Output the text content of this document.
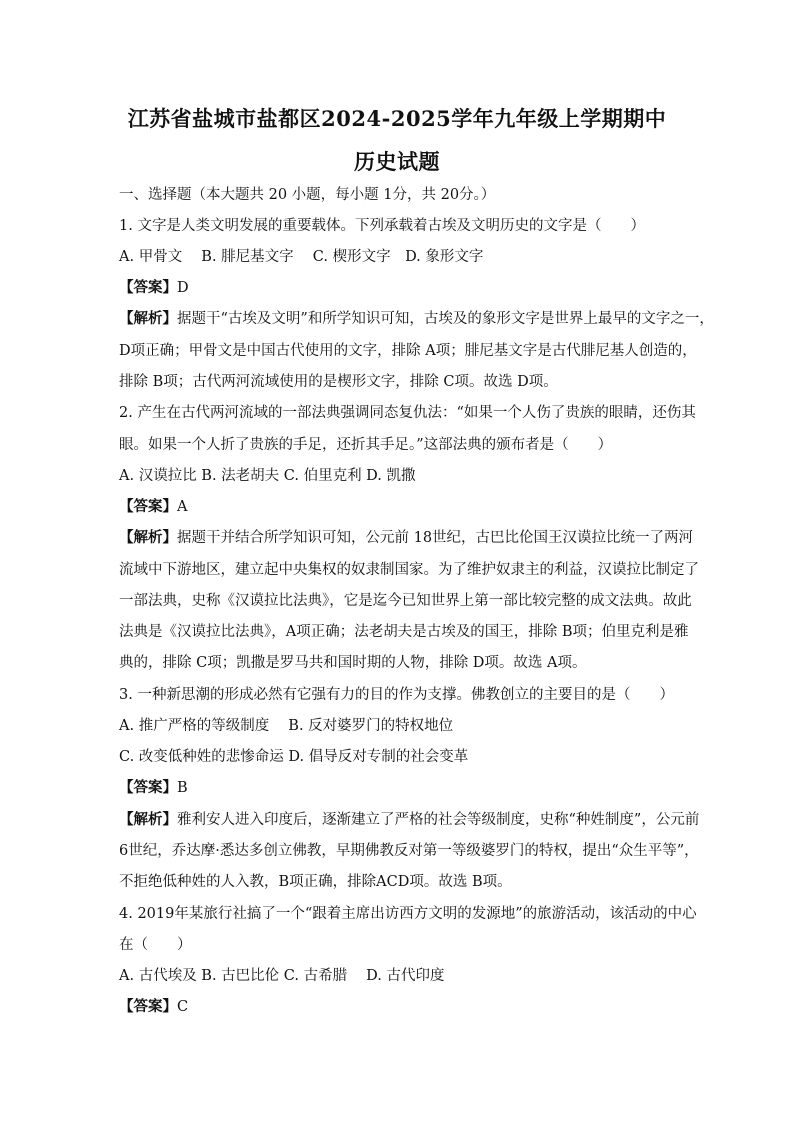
江苏省盐城市盐都区2024-2025学年九年级上学期期中
历史试题
一、选择题（本大题共 20 小题，每小题 1分，共 20分。）
1. 文字是人类文明发展的重要载体。下列承载着古埃及文明历史的文字是（　　）
A. 甲骨文　 B. 腓尼基文字　 C. 楔形文字　D. 象形文字
【答案】D
【解析】据题干“古埃及文明”和所学知识可知，古埃及的象形文字是世界上最早的文字之一，
D项正确；甲骨文是中国古代使用的文字，排除 A项；腓尼基文字是古代腓尼基人创造的，
排除 B项；古代两河流域使用的是楔形文字，排除 C项。故选 D项。
2. 产生在古代两河流域的一部法典强调同态复仇法：“如果一个人伤了贵族的眼睛，还伤其
眼。如果一个人折了贵族的手足，还折其手足。”这部法典的颁布者是（　　）
A. 汉谟拉比 B. 法老胡夫 C. 伯里克利 D. 凯撒
【答案】A
【解析】据题干并结合所学知识可知，公元前 18世纪，古巴比伦国王汉谟拉比统一了两河
流域中下游地区，建立起中央集权的奴隶制国家。为了维护奴隶主的利益，汉谟拉比制定了
一部法典，史称《汉谟拉比法典》，它是迄今已知世界上第一部比较完整的成文法典。故此
法典是《汉谟拉比法典》，A项正确；法老胡夫是古埃及的国王，排除 B项；伯里克利是雅
典的，排除 C项；凯撒是罗马共和国时期的人物，排除 D项。故选 A项。
3. 一种新思潮的形成必然有它强有力的目的作为支撑。佛教创立的主要目的是（　　）
A. 推广严格的等级制度　 B. 反对婆罗门的特权地位
C. 改变低种姓的悲惨命运 D. 倡导反对专制的社会变革
【答案】B
【解析】雅利安人进入印度后，逐渐建立了严格的社会等级制度，史称“种姓制度”，公元前
6世纪，乔达摩·悉达多创立佛教，早期佛教反对第一等级婆罗门的特权，提出“众生平等”，
不拒绝低种姓的人入教，B项正确，排除ACD项。故选 B项。
4. 2019年某旅行社搞了一个“跟着主席出访西方文明的发源地”的旅游活动，该活动的中心
在（　　）
A. 古代埃及 B. 古巴比伦 C. 古希腊　 D. 古代印度
【答案】C
